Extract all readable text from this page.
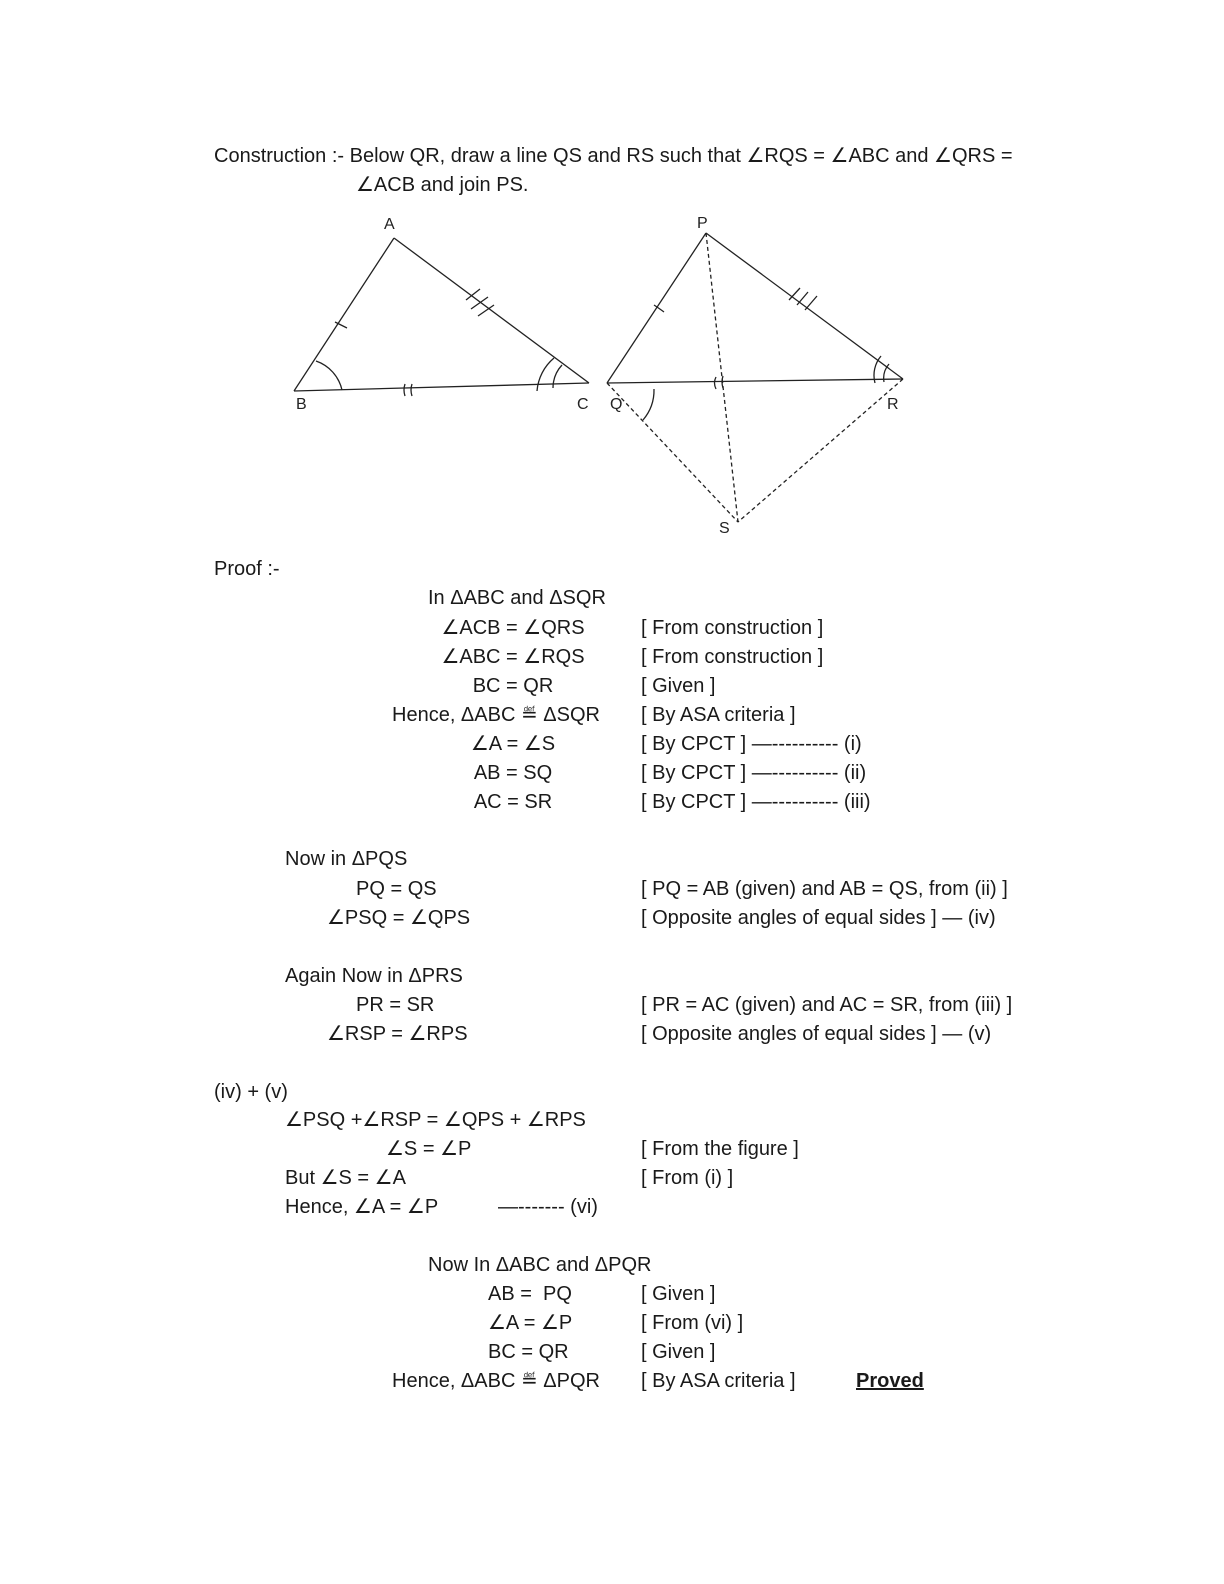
Construction :- Below QR, draw a line QS and RS such that ∠RQS = ∠ABC and ∠QRS =
∠ACB and join PS.
A
B	C
P
Q	R
S
Proof :-
In ΔABC and ΔSQR
∠ACB = ∠QRS	[ From construction ]
∠ABC = ∠RQS	[ From construction ]
BC = QR	[ Given ]
Hence, ΔABC ≝ ΔSQR [ By ASA criteria ]
∠A = ∠S	[ By CPCT ] —---------- (i)
AB = SQ	[ By CPCT ] —---------- (ii)
AC = SR	[ By CPCT ] —---------- (iii)
Now in ΔPQS
PQ = QS	[ PQ = AB (given) and AB = QS, from (ii) ]
∠PSQ = ∠QPS	[ Opposite angles of equal sides ] — (iv)
Again Now in ΔPRS
PR = SR	[ PR = AC (given) and AC = SR, from (iii) ]
∠RSP = ∠RPS	[ Opposite angles of equal sides ] — (v)
(iv) + (v)
∠PSQ +∠RSP = ∠QPS + ∠RPS
∠S = ∠P	[ From the figure ]
But ∠S = ∠A	[ From (i) ]
Hence, ∠A = ∠P	—------- (vi)
Now In ΔABC and ΔPQR
AB =  PQ	[ Given ]
∠A = ∠P	[ From (vi) ]
BC = QR	[ Given ]
Hence, ΔABC ≝ ΔPQR [ By ASA criteria ]	Proved
